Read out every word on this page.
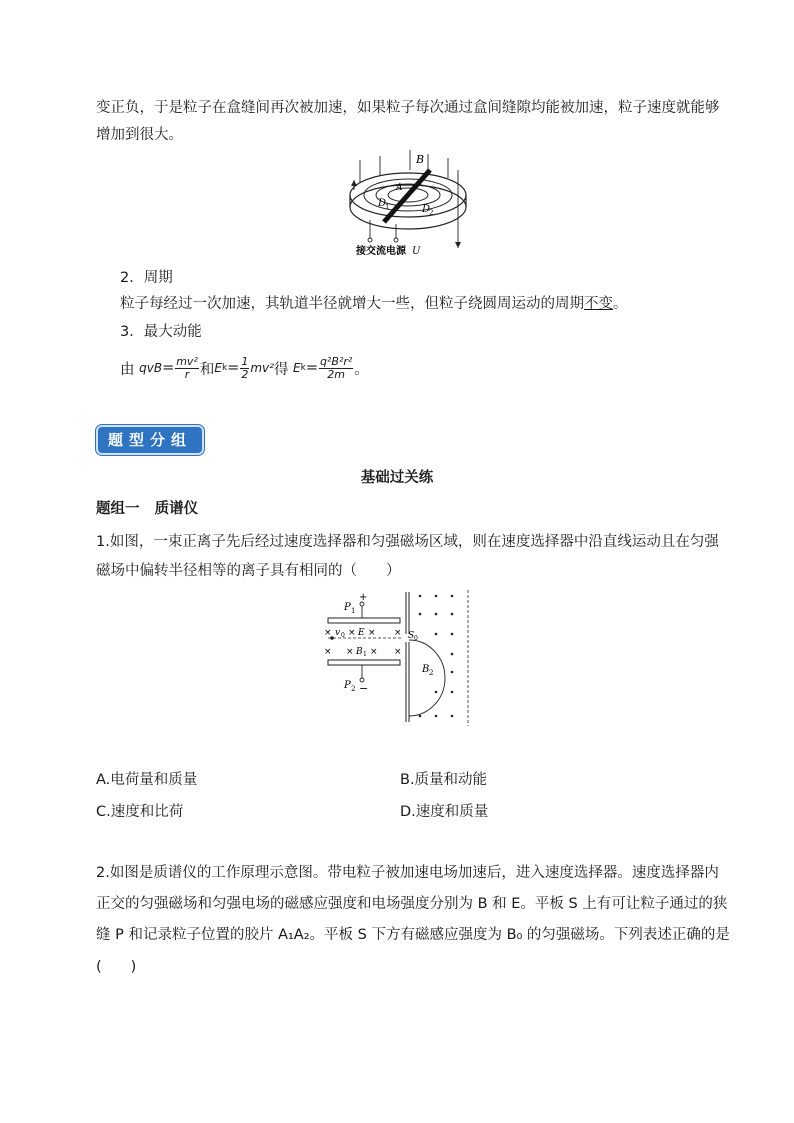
变正负，于是粒子在盒缝间再次被加速，如果粒子每次通过盒间缝隙均能被加速，粒子速度就能够
增加到很大。
B
A
D
1	D
2
接交流电源 U
2．周期
粒子每经过一次加速，其轨道半径就增大一些，但粒子绕圆周运动的周期不变。
3．最大动能
由
qvB = $\frac{\text{mv²}}{r}$ 和 E $k = \frac{1}{2} mv^2$ 得
E $k = \frac{\text{q²B²r²}}{2m}$ 。
题型分组
基础过关练
题组一 质谱仪
1.如图，一束正离子先后经过速度选择器和匀强磁场区域，则在速度选择器中沿直线运动且在匀强
磁场中偏转半径相等的离子具有相同的（　　）
+
−
P 1
P 2
× v 0 × E × ×
× × B 1 × ×
S 0
B 2
A.电荷量和质量	B.质量和动能
C.速度和比荷	D.速度和质量
2.如图是质谱仪的工作原理示意图。带电粒子被加速电场加速后，进入速度选择器。速度选择器内
正交的匀强磁场和匀强电场的磁感应强度和电场强度分别为 B 和 E。平板 S 上有可让粒子通过的狭
缝 P 和记录粒子位置的胶片 A₁A₂。平板 S 下方有磁感应强度为 B₀ 的匀强磁场。下列表述正确的是
(　　)
